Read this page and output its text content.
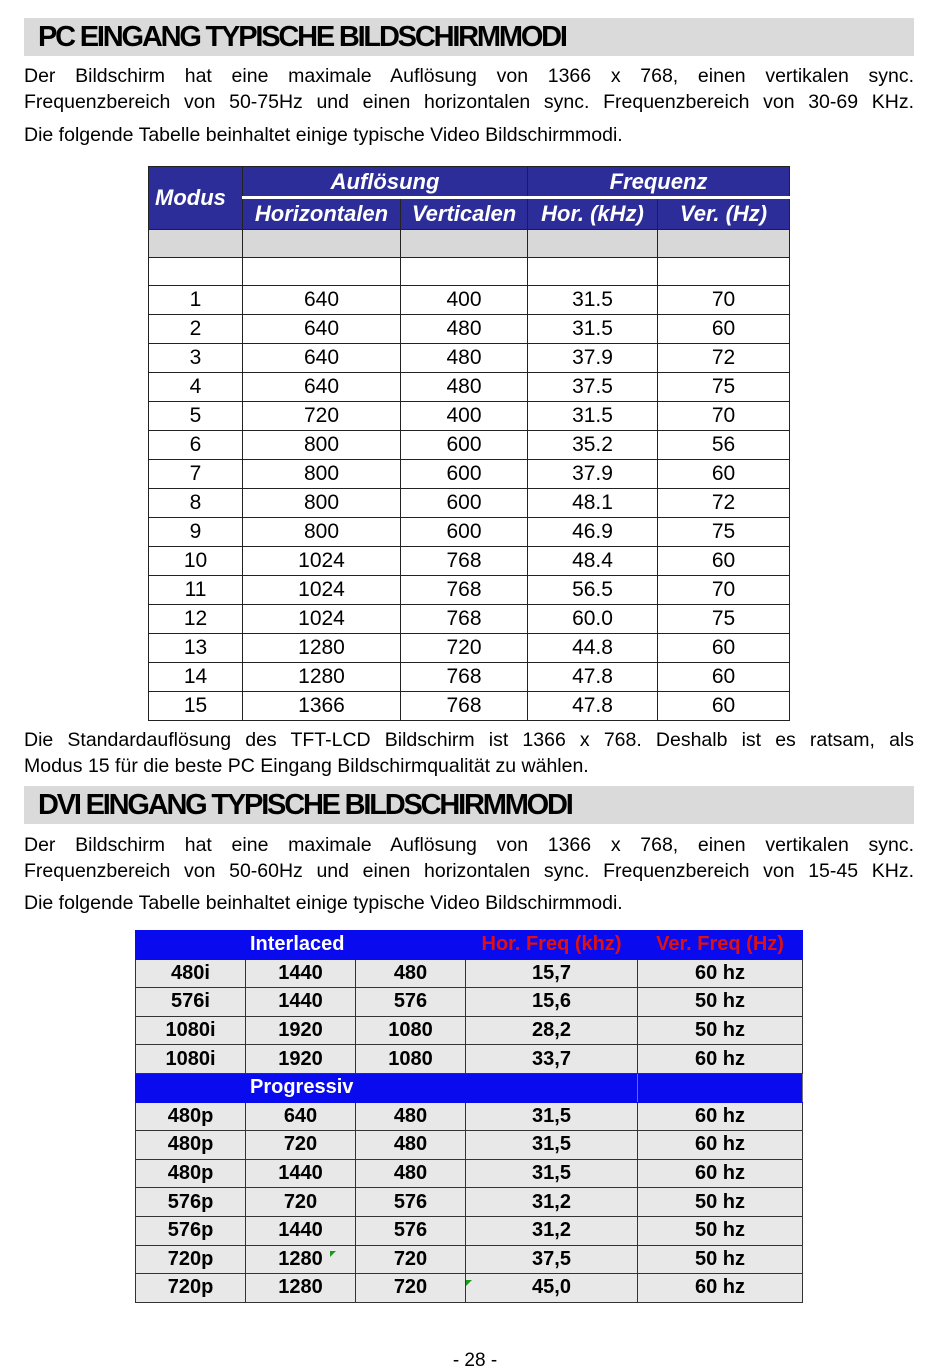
PC EINGANG TYPISCHE BILDSCHIRMMODI
Der Bildschirm hat eine maximale Auflösung von 1366 x 768, einen vertikalen sync.
Frequenzbereich von 50-75Hz und einen horizontalen sync. Frequenzbereich von 30-69 KHz.
Die folgende Tabelle beinhaltet einige typische Video Bildschirmmodi.
Modus	Auflösung		Frequenz	
	Horizontalen	Verticalen	Hor. (kHz)	Ver. (Hz)

1	640	400	31.5	70
2	640	480	31.5	60
3	640	480	37.9	72
4	640	480	37.5	75
5	720	400	31.5	70
6	800	600	35.2	56
7	800	600	37.9	60
8	800	600	48.1	72
9	800	600	46.9	75
10	1024	768	48.4	60
11	1024	768	56.5	70
12	1024	768	60.0	75
13	1280	720	44.8	60
14	1280	768	47.8	60
15	1366	768	47.8	60
Die Standardauflösung des TFT-LCD Bildschirm ist 1366 x 768. Deshalb ist es ratsam, als
Modus 15 für die beste PC Eingang Bildschirmqualität zu wählen.
DVI EINGANG TYPISCHE BILDSCHIRMMODI
Der Bildschirm hat eine maximale Auflösung von 1366 x 768, einen vertikalen sync.
Frequenzbereich von 50-60Hz und einen horizontalen sync. Frequenzbereich von 15-45 KHz.
Die folgende Tabelle beinhaltet einige typische Video Bildschirmmodi.
	Interlaced		Hor. Freq (khz)	Ver. Freq (Hz)
480i	1440	480	15,7	60 hz
576i	1440	576	15,6	50 hz
1080i	1920	1080	28,2	50 hz
1080i	1920	1080	33,7	60 hz
	Progressiv			
480p	640	480	31,5	60 hz
480p	720	480	31,5	60 hz
480p	1440	480	31,5	60 hz
576p	720	576	31,2	50 hz
576p	1440	576	31,2	50 hz
720p	1280	720	37,5	50 hz
720p	1280	720	45,0	60 hz
- 28 -
